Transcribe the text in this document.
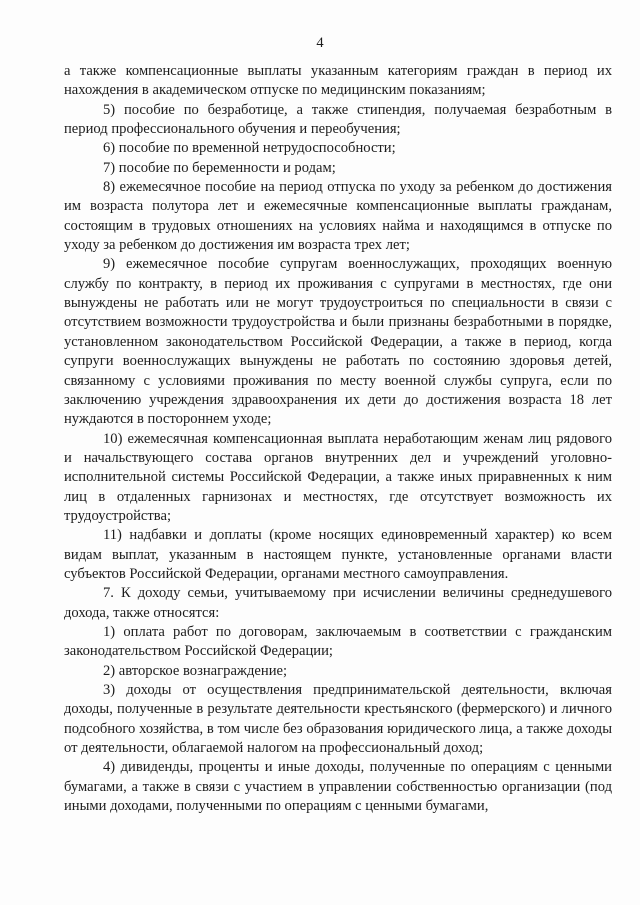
4

а также компенсационные выплаты указанным категориям граждан в период их нахождения в академическом отпуске по медицинским показаниям;

5) пособие по безработице, а также стипендия, получаемая безработным в период профессионального обучения и переобучения;

6) пособие по временной нетрудоспособности;

7) пособие по беременности и родам;

8) ежемесячное пособие на период отпуска по уходу за ребенком до достижения им возраста полутора лет и ежемесячные компенсационные выплаты гражданам, состоящим в трудовых отношениях на условиях найма и находящимся в отпуске по уходу за ребенком до достижения им возраста трех лет;

9) ежемесячное пособие супругам военнослужащих, проходящих военную службу по контракту, в период их проживания с супругами в местностях, где они вынуждены не работать или не могут трудоустроиться по специальности в связи с отсутствием возможности трудоустройства и были признаны безработными в порядке, установленном законодательством Российской Федерации, а также в период, когда супруги военнослужащих вынуждены не работать по состоянию здоровья детей, связанному с условиями проживания по месту военной службы супруга, если по заключению учреждения здравоохранения их дети до достижения возраста 18 лет нуждаются в постороннем уходе;

10) ежемесячная компенсационная выплата неработающим женам лиц рядового и начальствующего состава органов внутренних дел и учреждений уголовно-исполнительной системы Российской Федерации, а также иных приравненных к ним лиц в отдаленных гарнизонах и местностях, где отсутствует возможность их трудоустройства;

11) надбавки и доплаты (кроме носящих единовременный характер) ко всем видам выплат, указанным в настоящем пункте, установленные органами власти субъектов Российской Федерации, органами местного самоуправления.

7. К доходу семьи, учитываемому при исчислении величины среднедушевого дохода, также относятся:

1) оплата работ по договорам, заключаемым в соответствии с гражданским законодательством Российской Федерации;

2) авторское вознаграждение;

3) доходы от осуществления предпринимательской деятельности, включая доходы, полученные в результате деятельности крестьянского (фермерского) и личного подсобного хозяйства, в том числе без образования юридического лица, а также доходы от деятельности, облагаемой налогом на профессиональный доход;

4) дивиденды, проценты и иные доходы, полученные по операциям с ценными бумагами, а также в связи с участием в управлении собственностью организации (под иными доходами, полученными по операциям с ценными бумагами,
